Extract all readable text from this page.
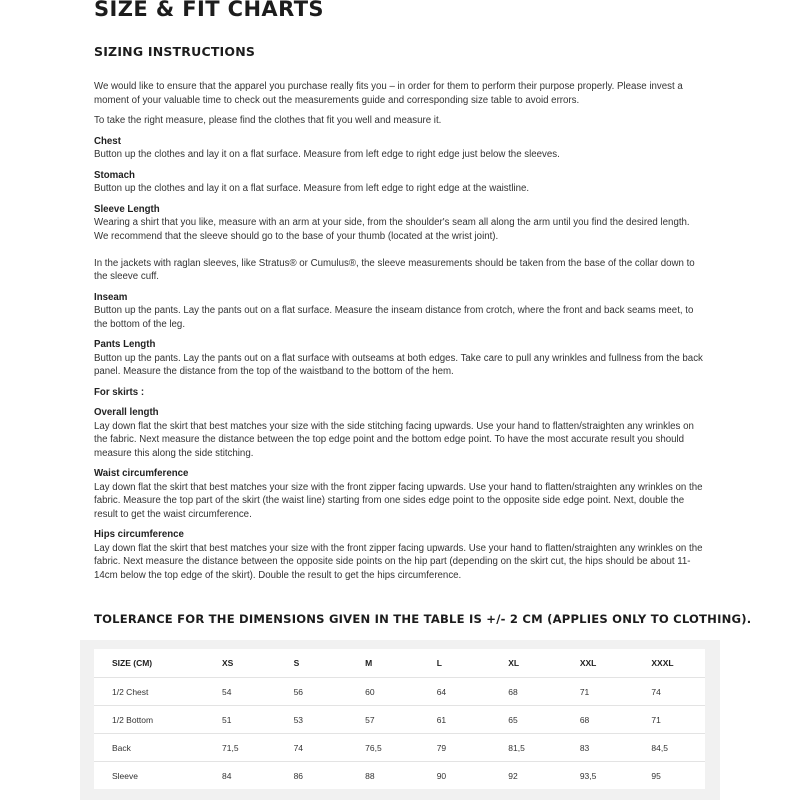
SIZE & FIT CHARTS
SIZING INSTRUCTIONS

We would like to ensure that the apparel you purchase really fits you – in order for them to perform their purpose properly. Please invest a moment of your valuable time to check out the measurements guide and corresponding size table to avoid errors.

To take the right measure, please find the clothes that fit you well and measure it.

Chest

Button up the clothes and lay it on a flat surface. Measure from left edge to right edge just below the sleeves.

Stomach

Button up the clothes and lay it on a flat surface. Measure from left edge to right edge at the waistline.

Sleeve Length

Wearing a shirt that you like, measure with an arm at your side, from the shoulder's seam all along the arm until you find the desired length. We recommend that the sleeve should go to the base of your thumb (located at the wrist joint).

In the jackets with raglan sleeves, like Stratus® or Cumulus®, the sleeve measurements should be taken from the base of the collar down to the sleeve cuff.

Inseam

Button up the pants. Lay the pants out on a flat surface. Measure the inseam distance from crotch, where the front and back seams meet, to the bottom of the leg.

Pants Length

Button up the pants. Lay the pants out on a flat surface with outseams at both edges. Take care to pull any wrinkles and fullness from the back panel. Measure the distance from the top of the waistband to the bottom of the hem.

For skirts :

Overall length

Lay down flat the skirt that best matches your size with the side stitching facing upwards. Use your hand to flatten/straighten any wrinkles on the fabric. Next measure the distance between the top edge point and the bottom edge point. To have the most accurate result you should measure this along the side stitching.

Waist circumference

Lay down flat the skirt that best matches your size with the front zipper facing upwards. Use your hand to flatten/straighten any wrinkles on the fabric. Measure the top part of the skirt (the waist line) starting from one sides edge point to the opposite side edge point. Next, double the result to get the waist circumference.

Hips circumference

Lay down flat the skirt that best matches your size with the front zipper facing upwards. Use your hand to flatten/straighten any wrinkles on the fabric. Next measure the distance between the opposite side points on the hip part (depending on the skirt cut, the hips should be about 11-14cm below the top edge of the skirt). Double the result to get the hips circumference.

TOLERANCE FOR THE DIMENSIONS GIVEN IN THE TABLE IS +/- 2 CM (APPLIES ONLY TO CLOTHING).
SIZE (CM)	XS	S	M	L	XL	XXL	XXXL
1/2 Chest	54	56	60	64	68	71	74
1/2 Bottom	51	53	57	61	65	68	71
Back	71,5	74	76,5	79	81,5	83	84,5
Sleeve	84	86	88	90	92	93,5	95
